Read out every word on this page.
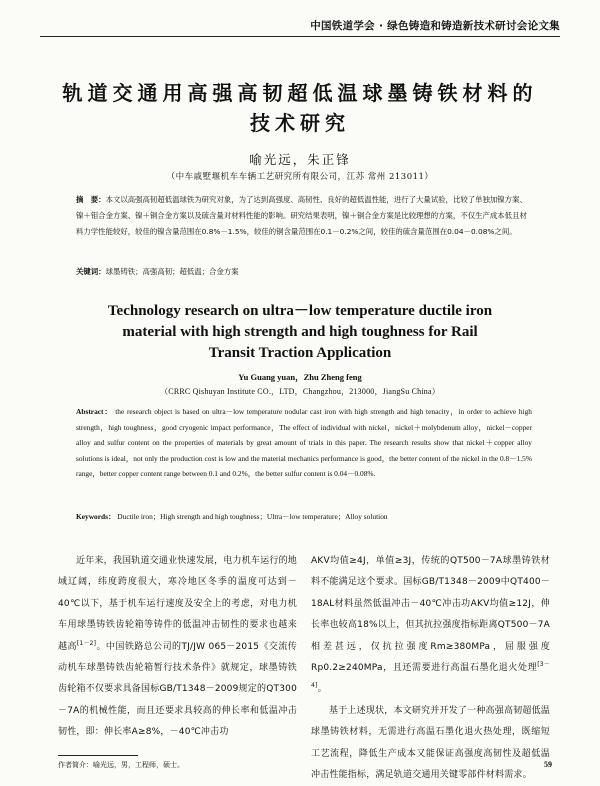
中国铁道学会 · 绿色铸造和铸造新技术研讨会论文集
轨道交通用高强高韧超低温球墨铸铁材料的
技术研究
喻光远，朱正锋
（中车戚墅堰机车车辆工艺研究所有限公司，江苏 常州 213011）
摘　要：本文以高强高韧超低温球铁为研究对象，为了达到高强度、高韧性、良好的超低温性能，进行了大量试验，比较了单独加镍方案、镍＋钼合金方案、镍＋铜合金方案以及硫含量对材料性能的影响。研究结果表明，镍＋铜合金方案是比较理想的方案，不仅生产成本低且材料力学性能较好，较佳的镍含量范围在0.8%－1.5%，较佳的铜含量范围在0.1－0.2%之间，较佳的硫含量范围在0.04－0.08%之间。
关键词：球墨铸铁；高强高韧；超低温；合金方案
Technology research on ultra－low temperature ductile iron
material with high strength and high toughness for Rail
Transit Traction Application
Yu Guang yuan，Zhu Zheng feng
（CRRC Qishuyan Institute CO.，LTD，Changzhou，213000，JiangSu China）
Abstract： the research object is based on ultra－low temperature nodular cast iron with high strength and high tenacity，in order to achieve high strength，high toughness，good cryogenic impact performance，The effect of individual with nickel，nickel＋molybdenum alloy，nickel－copper alloy and sulfur content on the properties of materials by great amount of trials in this paper. The research results show that nickel＋copper alloy solutions is ideal，not only the production cost is low and the material mechanics performance is good，the better content of the nickel in the 0.8－1.5% range，better copper content range between 0.1 and 0.2%，the better sulfur content is 0.04－0.08%.
Keywords： Ductile iron；High strength and high toughness；Ultra－low temperature；Alloy solution

近年来，我国轨道交通业快速发展，电力机车运行的地域辽阔，纬度跨度很大，寒冷地区冬季的温度可达到－40℃以下，基于机车运行速度及安全上的考虑，对电力机车用球墨铸铁齿轮箱等铸件的低温冲击韧性的要求也越来越高[1－2]。中国铁路总公司的TJ/JW 065－2015《交流传动机车球墨铸铁齿轮箱暂行技术条件》就规定，球墨铸铁齿轮箱不仅要求具备国标GB/T1348－2009规定的QT300－7A的机械性能，而且还要求具较高的伸长率和低温冲击韧性，即：伸长率A≥8%，－40℃冲击功

AKV均值≥4J，单值≥3J，传统的QT500－7A球墨铸铁材料不能满足这个要求。国标GB/T1348－2009中QT400－18AL材料虽然低温冲击－40℃冲击功AKV均值≥12J，伸长率也较高18%以上，但其抗拉强度指标距离QT500－7A相差甚远，仅抗拉强度Rm≥380MPa，屈服强度Rp0.2≥240MPa，且还需要进行高温石墨化退火处理[3－4]。

基于上述现状，本文研究并开发了一种高强高韧超低温球墨铸铁材料，无需进行高温石墨化退火热处理，既缩短工艺流程，降低生产成本又能保证高强度高韧性及超低温冲击性能指标，满足轨道交通用关键零部件材料需求。

作者简介：喻光远，男，工程师，硕士。	59
